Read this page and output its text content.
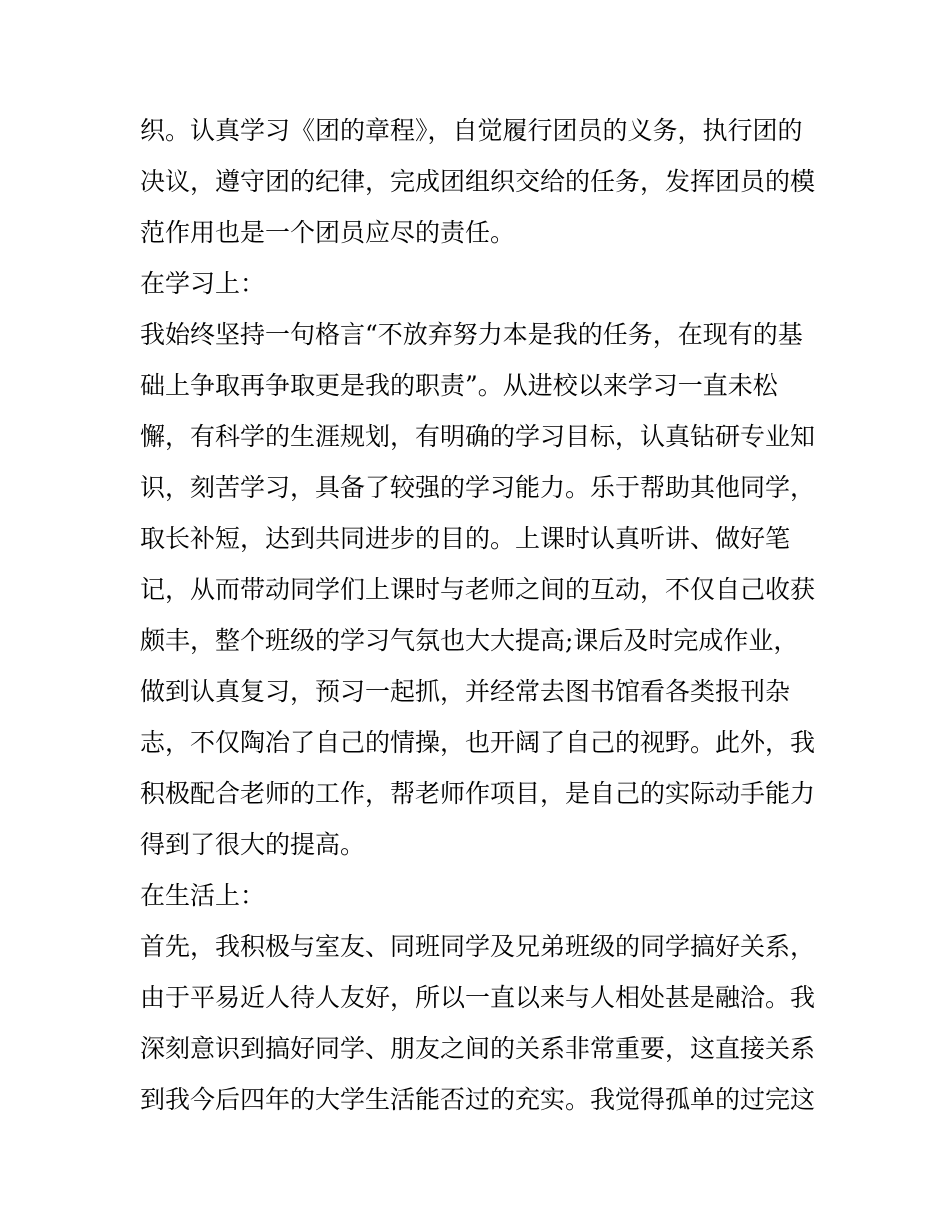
织。认真学习《团的章程》，自觉履行团员的义务，执行团的
决议，遵守团的纪律，完成团组织交给的任务，发挥团员的模
范作用也是一个团员应尽的责任。
在学习上：
我始终坚持一句格言“不放弃努力本是我的任务，在现有的基
础上争取再争取更是我的职责”。从进校以来学习一直未松
懈，有科学的生涯规划，有明确的学习目标，认真钻研专业知
识，刻苦学习，具备了较强的学习能力。乐于帮助其他同学，
取长补短，达到共同进步的目的。上课时认真听讲、做好笔
记，从而带动同学们上课时与老师之间的互动，不仅自己收获
颇丰，整个班级的学习气氛也大大提高;课后及时完成作业，
做到认真复习，预习一起抓，并经常去图书馆看各类报刊杂
志，不仅陶冶了自己的情操，也开阔了自己的视野。此外，我
积极配合老师的工作，帮老师作项目，是自己的实际动手能力
得到了很大的提高。
在生活上：
首先，我积极与室友、同班同学及兄弟班级的同学搞好关系，
由于平易近人待人友好，所以一直以来与人相处甚是融洽。我
深刻意识到搞好同学、朋友之间的关系非常重要，这直接关系
到我今后四年的大学生活能否过的充实。我觉得孤单的过完这
